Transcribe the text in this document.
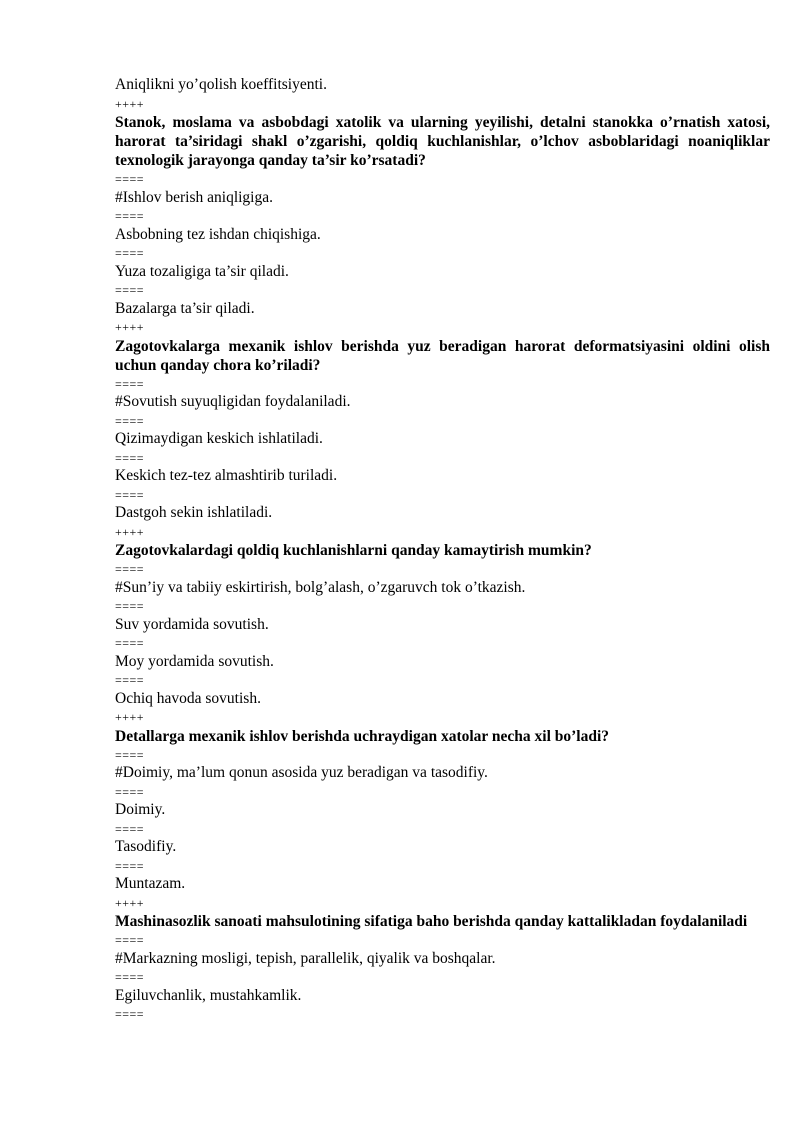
Aniqlikni yo’qolish koeffitsiyenti.

++++

Stanok, moslama va asbobdagi xatolik va ularning yeyilishi, detalni stanokka o’rnatish xatosi, harorat ta’siridagi shakl o’zgarishi, qoldiq kuchlanishlar, o’lchov asboblaridagi noaniqliklar texnologik jarayonga qanday ta’sir ko’rsatadi?

====

#Ishlov berish aniqligiga.

====

Asbobning tez ishdan chiqishiga.

====

Yuza tozaligiga ta’sir qiladi.

====

Bazalarga ta’sir qiladi.

++++

Zagotovkalarga mexanik ishlov berishda yuz beradigan harorat deformatsiyasini oldini olish uchun qanday chora ko’riladi?

====

#Sovutish suyuqligidan foydalaniladi.

====

Qizimaydigan keskich ishlatiladi.

====

Keskich tez-tez almashtirib turiladi.

====

Dastgoh sekin ishlatiladi.

++++

Zagotovkalardagi qoldiq kuchlanishlarni qanday kamaytirish mumkin?

====

#Sun’iy va tabiiy eskirtirish, bolg’alash, o’zgaruvch tok o’tkazish.

====

Suv yordamida sovutish.

====

Moy yordamida sovutish.

====

Ochiq havoda sovutish.

++++

Detallarga mexanik ishlov berishda uchraydigan xatolar necha xil bo’ladi?

====

#Doimiy, ma’lum qonun asosida yuz beradigan va tasodifiy.

====

Doimiy.

====

Tasodifiy.

====

Muntazam.

++++

Mashinasozlik sanoati mahsulotining sifatiga baho berishda qanday kattalikladan foydalaniladi

====

#Markazning mosligi, tepish, parallelik, qiyalik va boshqalar.

====

Egiluvchanlik, mustahkamlik.

====
